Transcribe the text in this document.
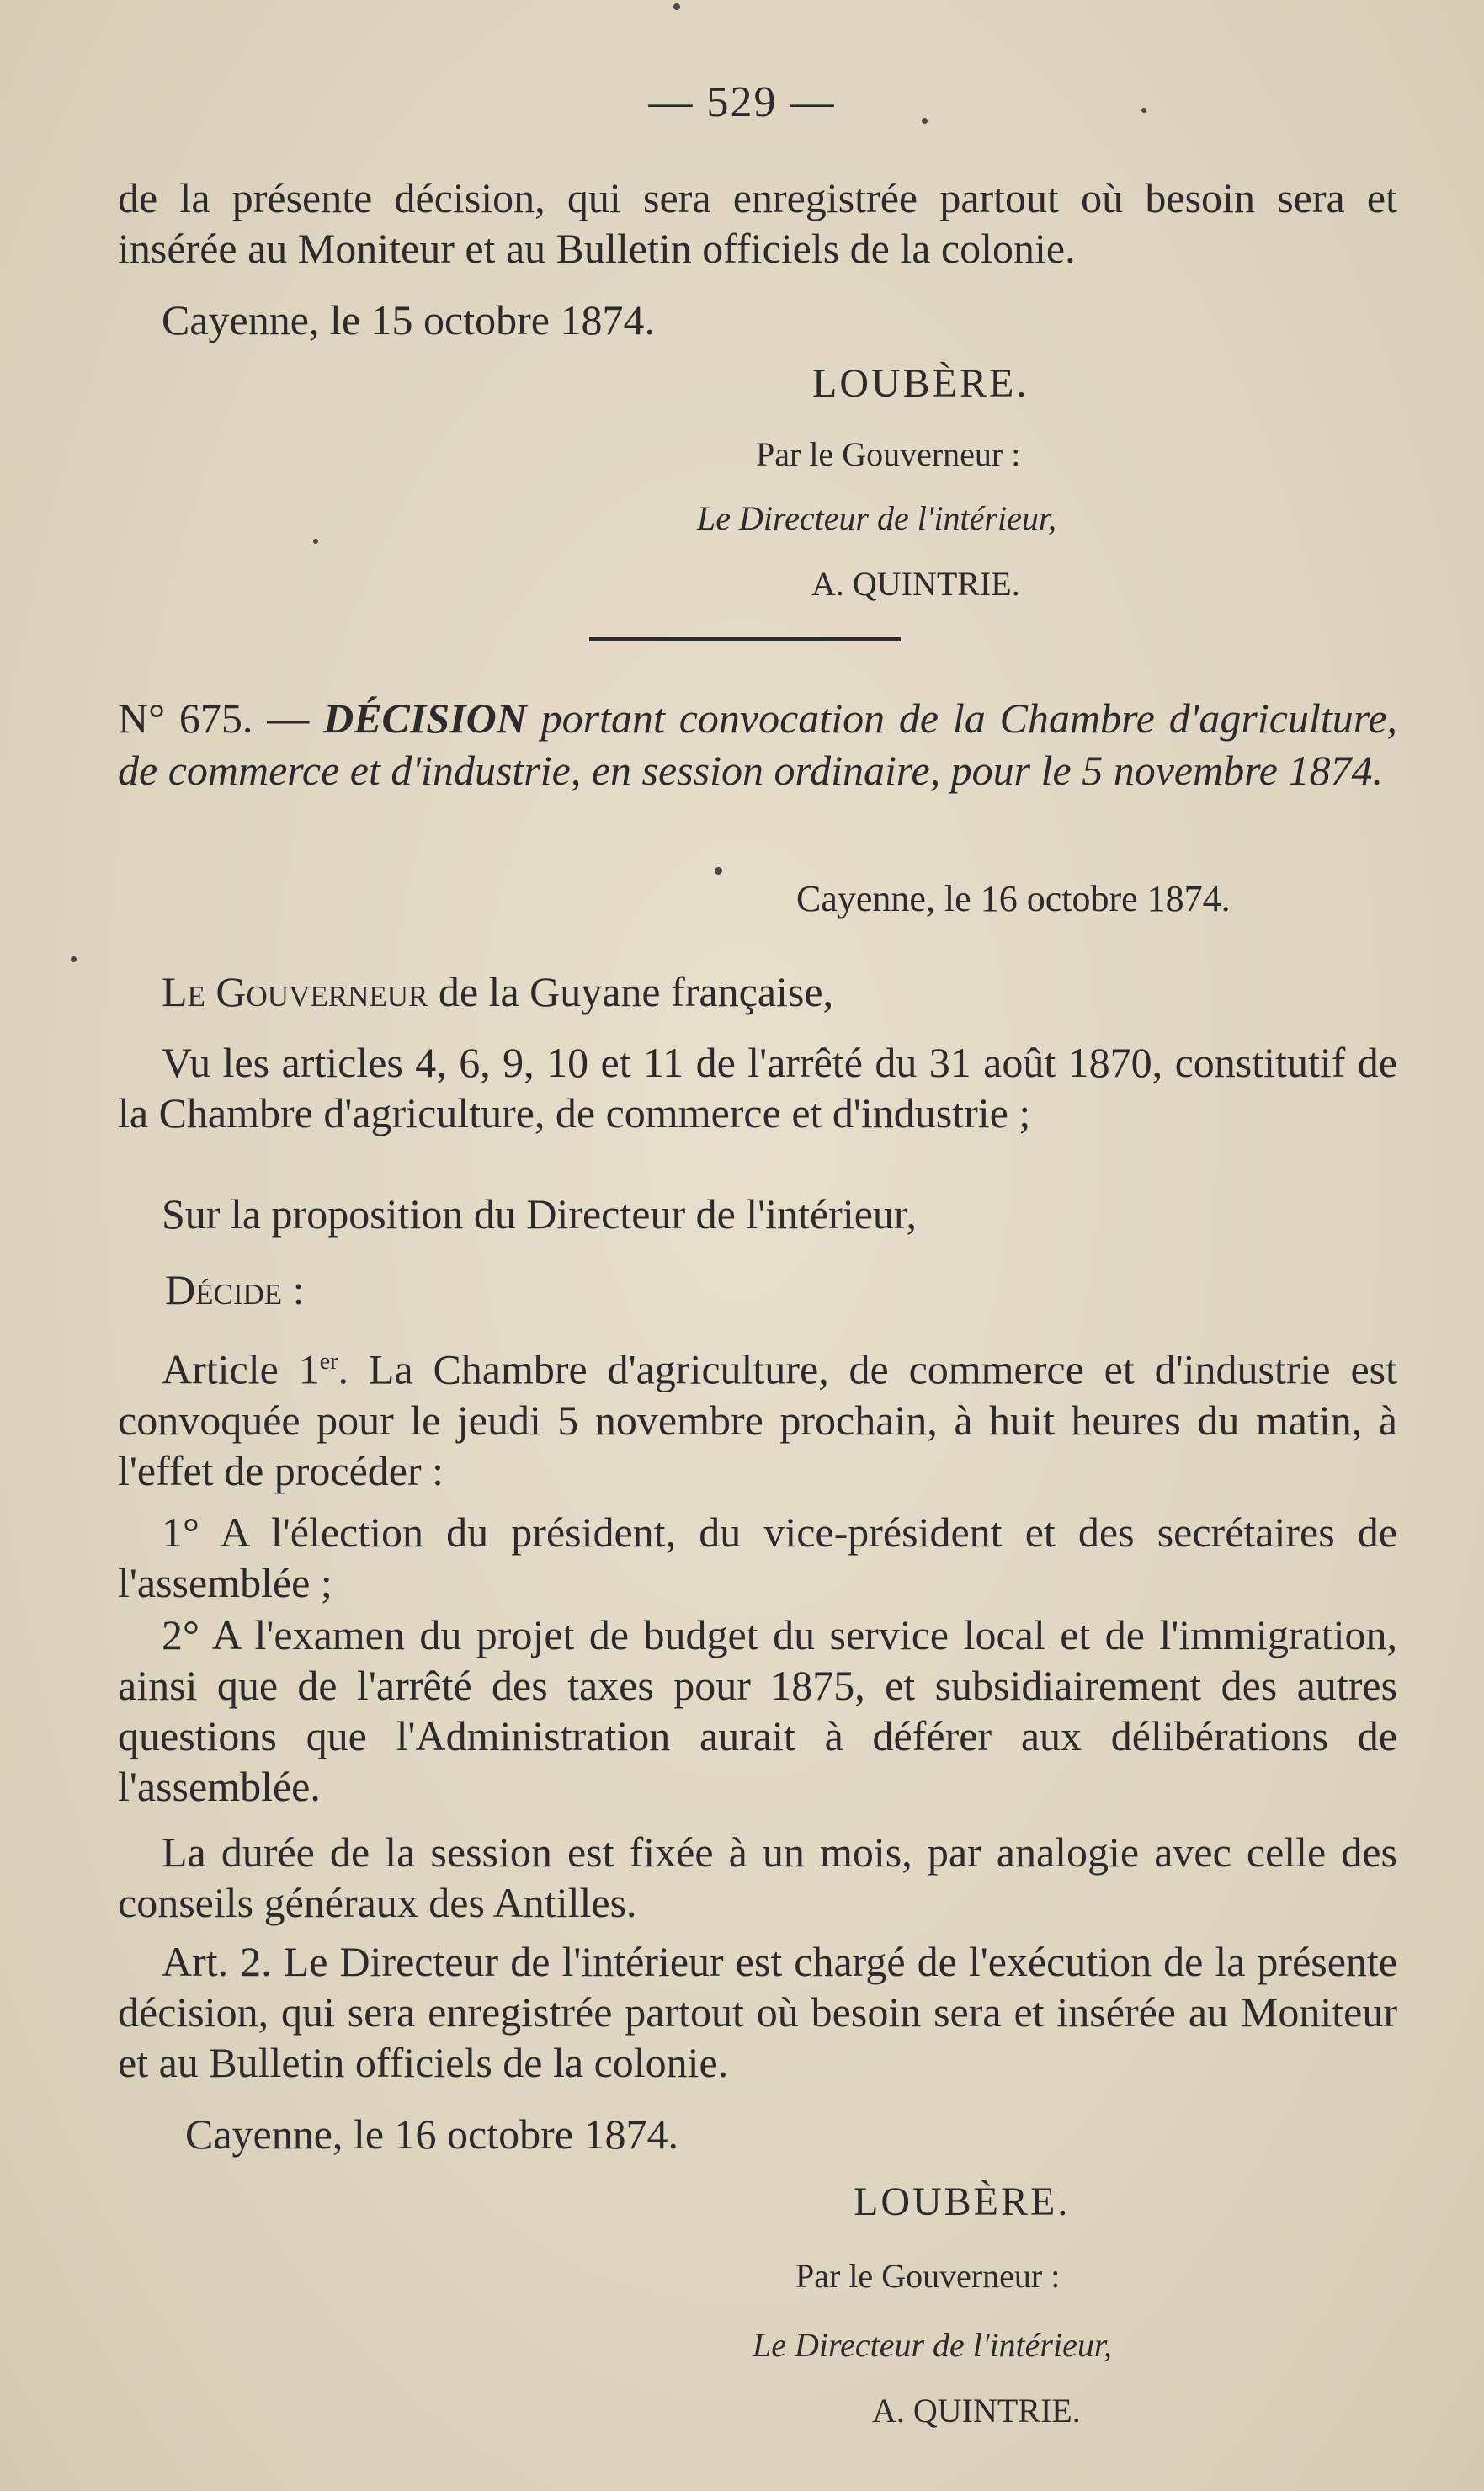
— 529 —

de la présente décision, qui sera enregistrée partout où besoin sera et insérée au Moniteur et au Bulletin officiels de la colonie.

Cayenne, le 15 octobre 1874.
LOUBÈRE.
Par le Gouverneur :
Le Directeur de l'intérieur,
A. QUINTRIE.

N° 675. — DÉCISION portant convocation de la Chambre d'agriculture, de commerce et d'industrie, en session ordinaire, pour le 5 novembre 1874.

Cayenne, le 16 octobre 1874.
Le Gouverneur de la Guyane française,

Vu les articles 4, 6, 9, 10 et 11 de l'arrêté du 31 août 1870, constitutif de la Chambre d'agriculture, de commerce et d'industrie ;

Sur la proposition du Directeur de l'intérieur,

Décide :

Article 1er. La Chambre d'agriculture, de commerce et d'industrie est convoquée pour le jeudi 5 novembre prochain, à huit heures du matin, à l'effet de procéder :

1° A l'élection du président, du vice-président et des secrétaires de l'assemblée ;

2° A l'examen du projet de budget du service local et de l'immigration, ainsi que de l'arrêté des taxes pour 1875, et subsidiairement des autres questions que l'Administration aurait à déférer aux délibérations de l'assemblée.

La durée de la session est fixée à un mois, par analogie avec celle des conseils généraux des Antilles.

Art. 2. Le Directeur de l'intérieur est chargé de l'exécution de la présente décision, qui sera enregistrée partout où besoin sera et insérée au Moniteur et au Bulletin officiels de la colonie.

Cayenne, le 16 octobre 1874.
LOUBÈRE.
Par le Gouverneur :
Le Directeur de l'intérieur,
A. QUINTRIE.
